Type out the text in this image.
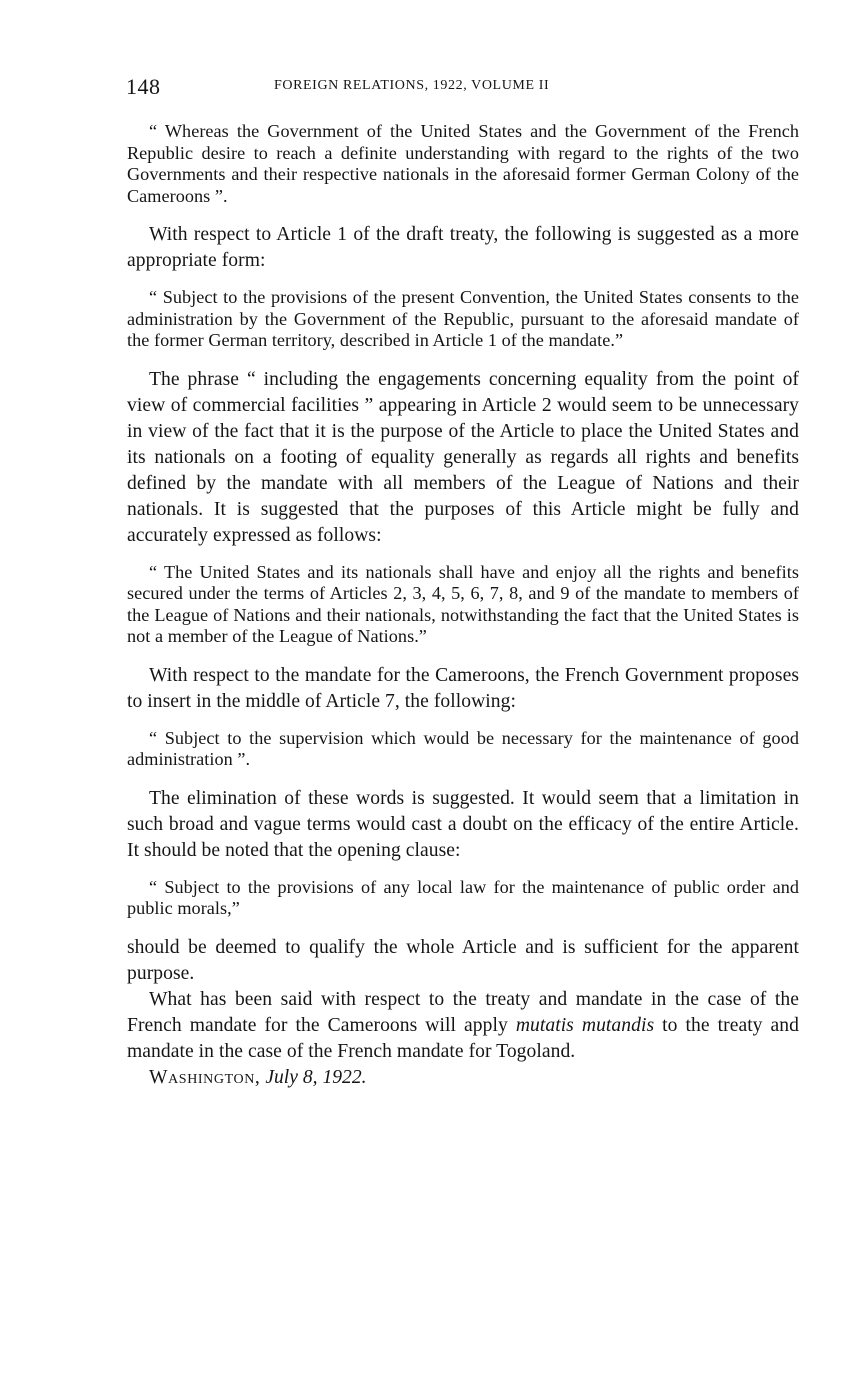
148	FOREIGN RELATIONS, 1922, VOLUME II

“ Whereas the Government of the United States and the Government of the French Republic desire to reach a definite understanding with regard to the rights of the two Governments and their respective nationals in the aforesaid former German Colony of the Cameroons ”.

With respect to Article 1 of the draft treaty, the following is suggested as a more appropriate form:

“ Subject to the provisions of the present Convention, the United States consents to the administration by the Government of the Republic, pursuant to the aforesaid mandate of the former German territory, described in Article 1 of the mandate.”

The phrase “ including the engagements concerning equality from the point of view of commercial facilities ” appearing in Article 2 would seem to be unnecessary in view of the fact that it is the purpose of the Article to place the United States and its nationals on a footing of equality generally as regards all rights and benefits defined by the mandate with all members of the League of Nations and their nationals. It is suggested that the purposes of this Article might be fully and accurately expressed as follows:

“ The United States and its nationals shall have and enjoy all the rights and benefits secured under the terms of Articles 2, 3, 4, 5, 6, 7, 8, and 9 of the mandate to members of the League of Nations and their nationals, notwithstanding the fact that the United States is not a member of the League of Nations.”

With respect to the mandate for the Cameroons, the French Government proposes to insert in the middle of Article 7, the following:

“ Subject to the supervision which would be necessary for the maintenance of good administration ”.

The elimination of these words is suggested. It would seem that a limitation in such broad and vague terms would cast a doubt on the efficacy of the entire Article. It should be noted that the opening clause:

“ Subject to the provisions of any local law for the maintenance of public order and public morals,”

should be deemed to qualify the whole Article and is sufficient for the apparent purpose.

What has been said with respect to the treaty and mandate in the case of the French mandate for the Cameroons will apply mutatis mutandis to the treaty and mandate in the case of the French mandate for Togoland.

Washington, July 8, 1922.
